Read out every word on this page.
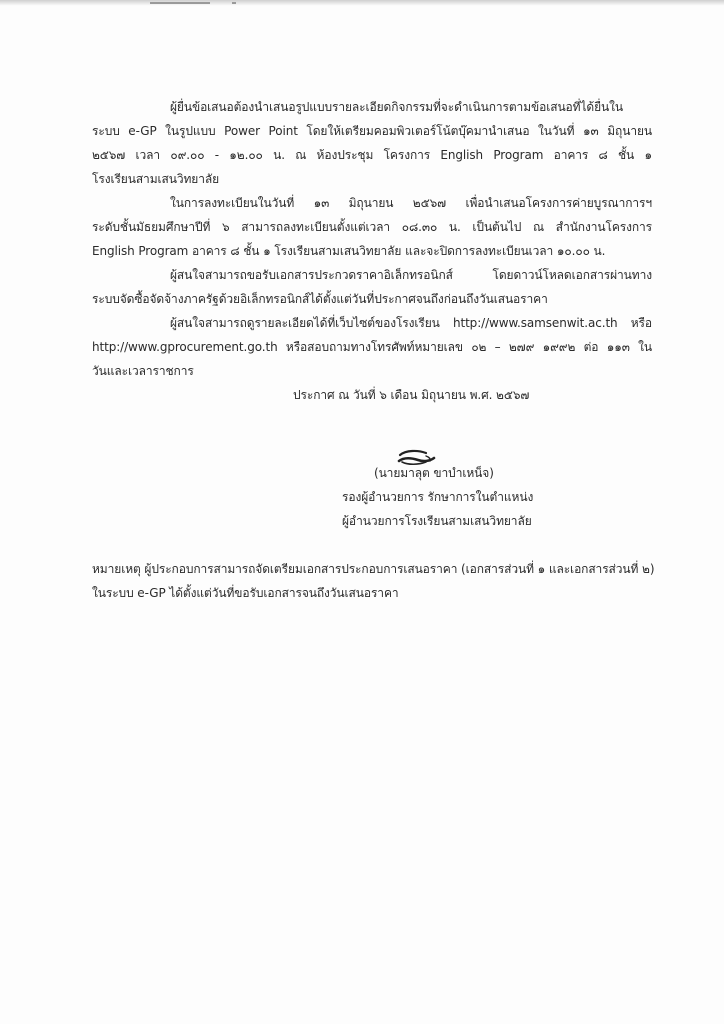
ผู้ยื่นข้อเสนอต้องนำเสนอรูปแบบรายละเอียดกิจกรรมที่จะดำเนินการตามข้อเสนอที่ได้ยื่นใน
ระบบ e-GP ในรูปแบบ Power Point โดยให้เตรียมคอมพิวเตอร์โน้ตบุ๊คมานำเสนอ ในวันที่ ๑๓ มิถุนายน
๒๕๖๗ เวลา ๐๙.๐๐ - ๑๒.๐๐ น. ณ ห้องประชุม โครงการ English Program อาคาร ๘ ชั้น ๑
โรงเรียนสามเสนวิทยาลัย
ในการลงทะเบียนในวันที่ ๑๓ มิถุนายน ๒๕๖๗ เพื่อนำเสนอโครงการค่ายบูรณาการฯ
ระดับชั้นมัธยมศึกษาปีที่ ๖ สามารถลงทะเบียนตั้งแต่เวลา ๐๘.๓๐ น. เป็นต้นไป ณ สำนักงานโครงการ
English Program อาคาร ๘ ชั้น ๑ โรงเรียนสามเสนวิทยาลัย และจะปิดการลงทะเบียนเวลา ๑๐.๐๐ น.
ผู้สนใจสามารถขอรับเอกสารประกวดราคาอิเล็กทรอนิกส์ โดยดาวน์โหลดเอกสารผ่านทาง
ระบบจัดซื้อจัดจ้างภาครัฐด้วยอิเล็กทรอนิกส์ได้ตั้งแต่วันที่ประกาศจนถึงก่อนถึงวันเสนอราคา
ผู้สนใจสามารถดูรายละเอียดได้ที่เว็บไซต์ของโรงเรียน http://www.samsenwit.ac.th หรือ
http://www.gprocurement.go.th หรือสอบถามทางโทรศัพท์หมายเลข ๐๒ – ๒๗๙ ๑๙๙๒ ต่อ ๑๑๓ ใน
วันและเวลาราชการ
ประกาศ ณ วันที่ ๖ เดือน มิถุนายน พ.ศ. ๒๕๖๗
(นายมาลุต ขาบำเหน็จ)
รองผู้อำนวยการ รักษาการในตำแหน่ง
ผู้อำนวยการโรงเรียนสามเสนวิทยาลัย
หมายเหตุ ผู้ประกอบการสามารถจัดเตรียมเอกสารประกอบการเสนอราคา (เอกสารส่วนที่ ๑ และเอกสารส่วนที่ ๒)
ในระบบ e-GP ได้ตั้งแต่วันที่ขอรับเอกสารจนถึงวันเสนอราคา
